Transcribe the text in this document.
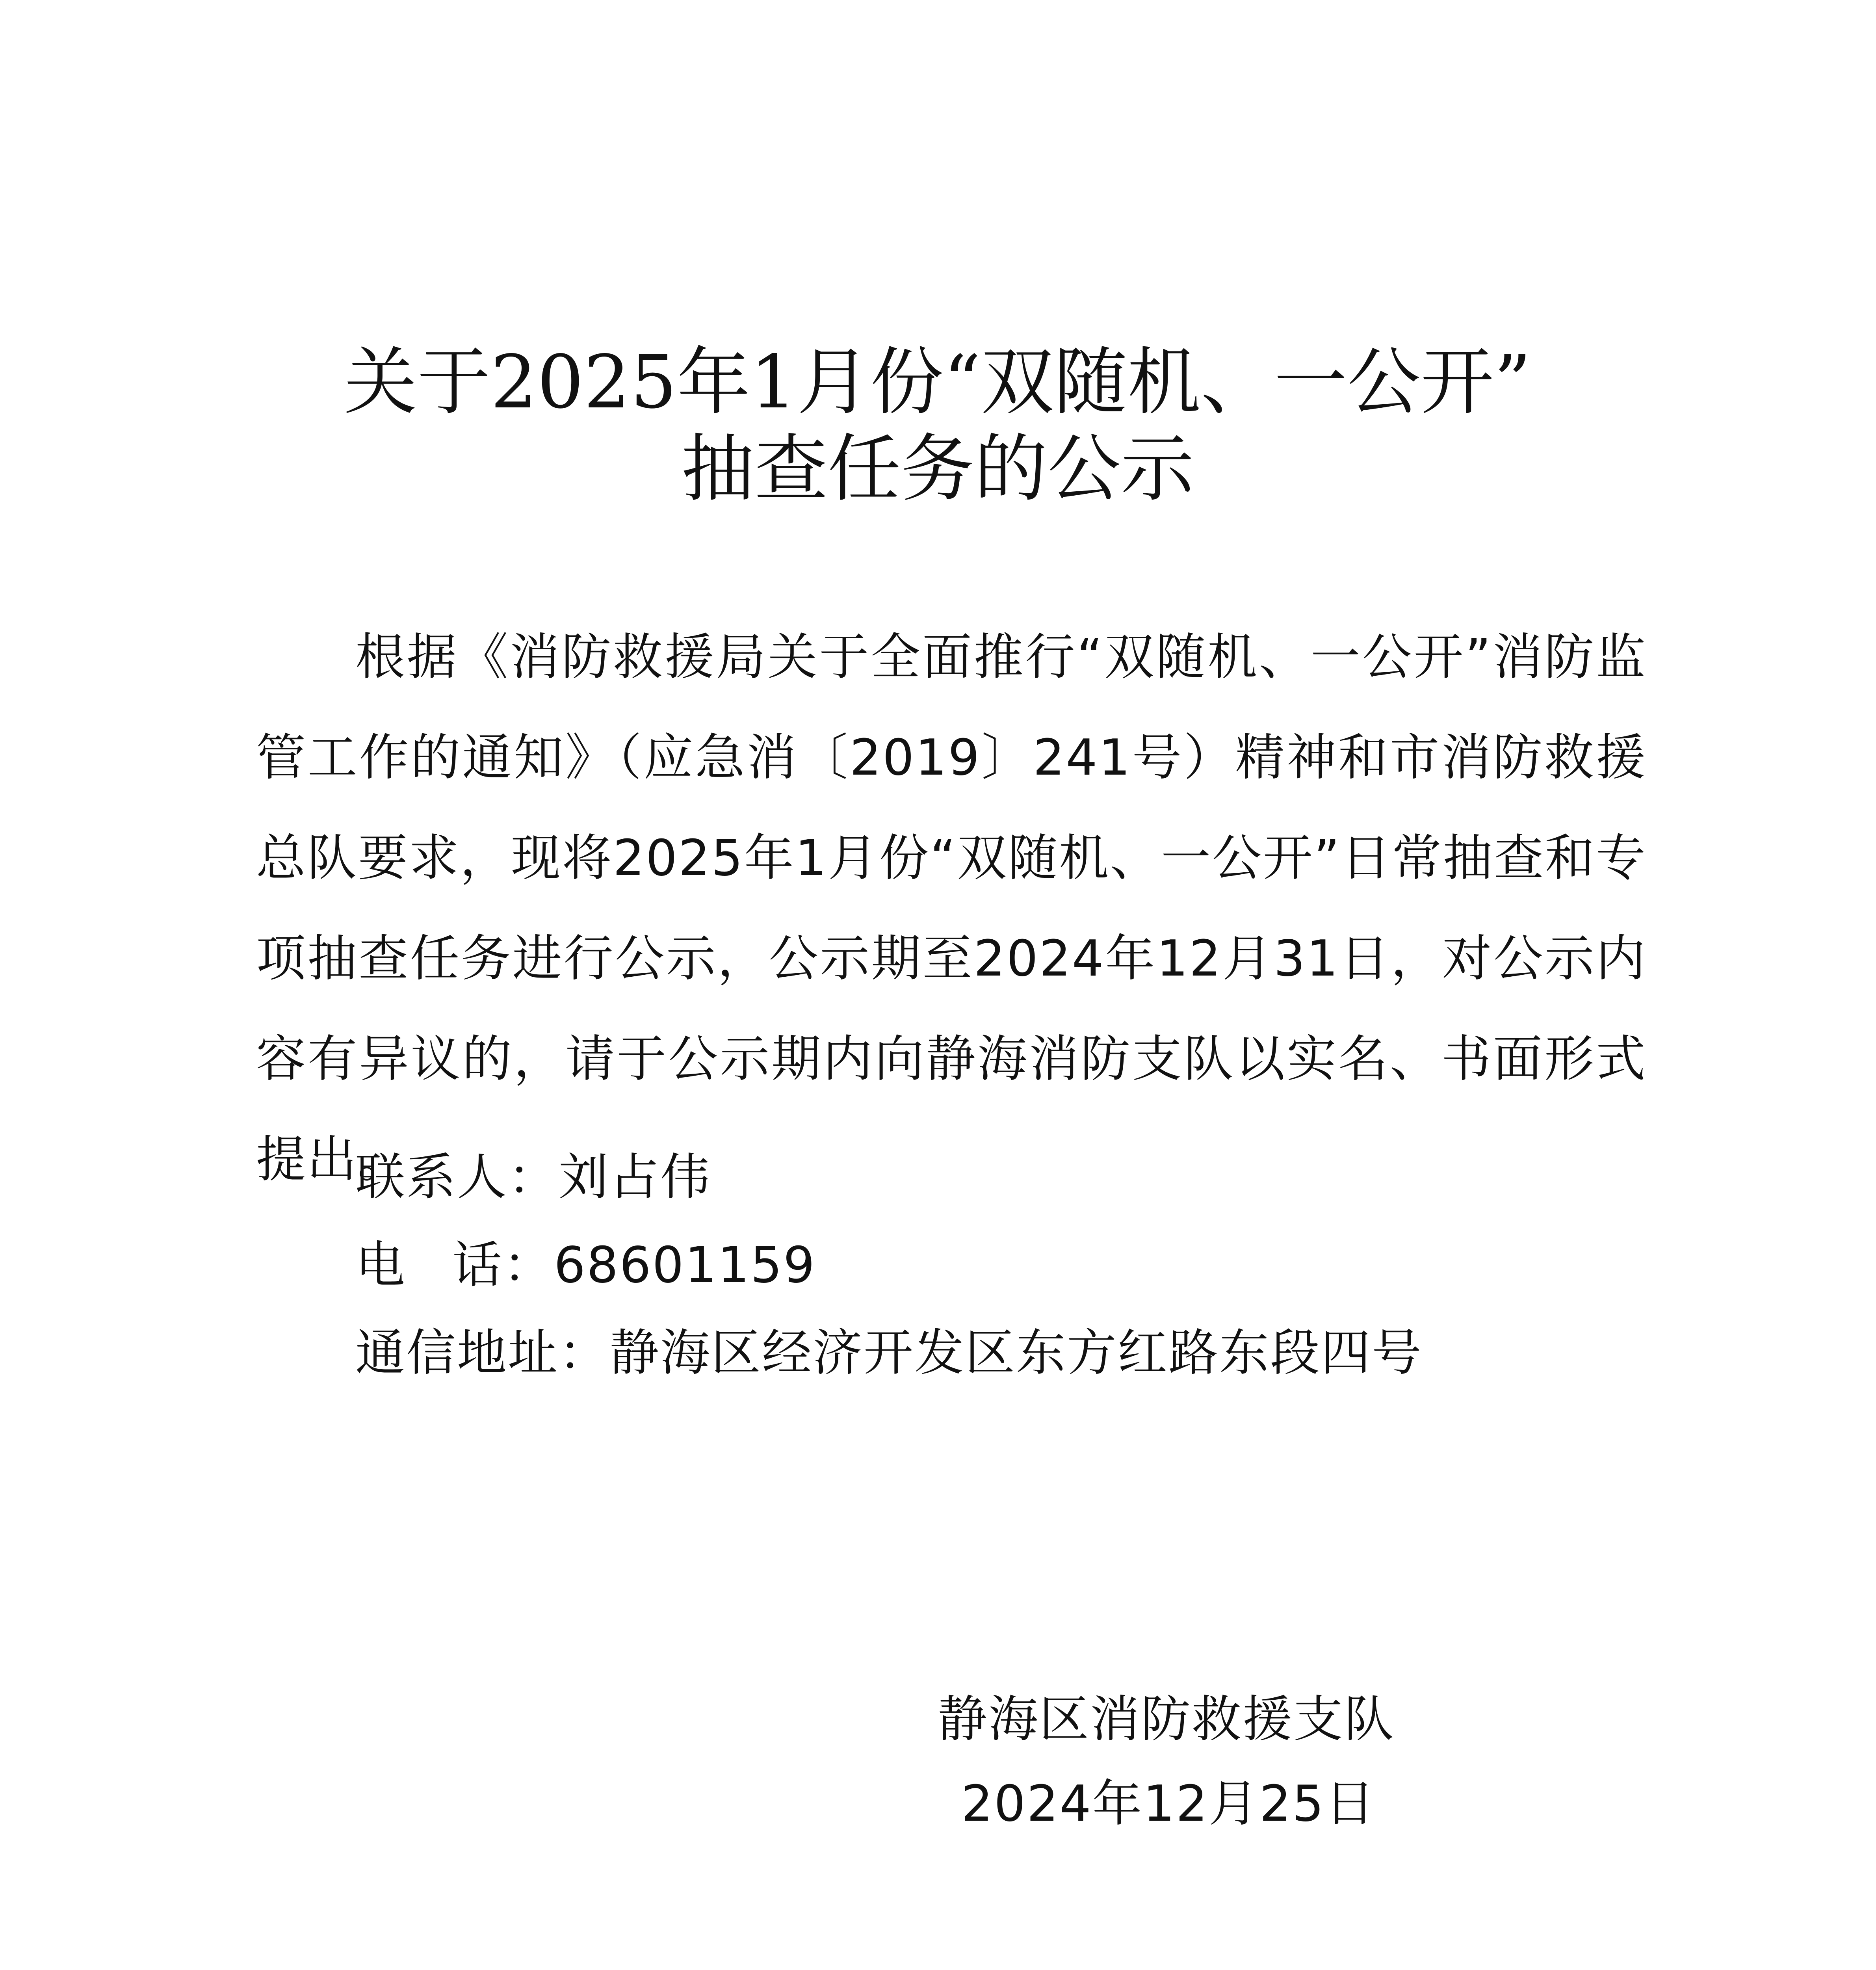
关于2025年1月份“双随机、一公开”
抽查任务的公示

根据《消防救援局关于全面推行“双随机、一公开”消防监管工作的通知》（应急消〔2019〕241号）精神和市消防救援总队要求，现将2025年1月份“双随机、一公开”日常抽查和专项抽查任务进行公示，公示期至2024年12月31日，对公示内容有异议的，请于公示期内向静海消防支队以实名、书面形式提出。

联系人：刘占伟
电话：68601159
通信地址：静海区经济开发区东方红路东段四号
静海区消防救援支队
2024年12月25日
